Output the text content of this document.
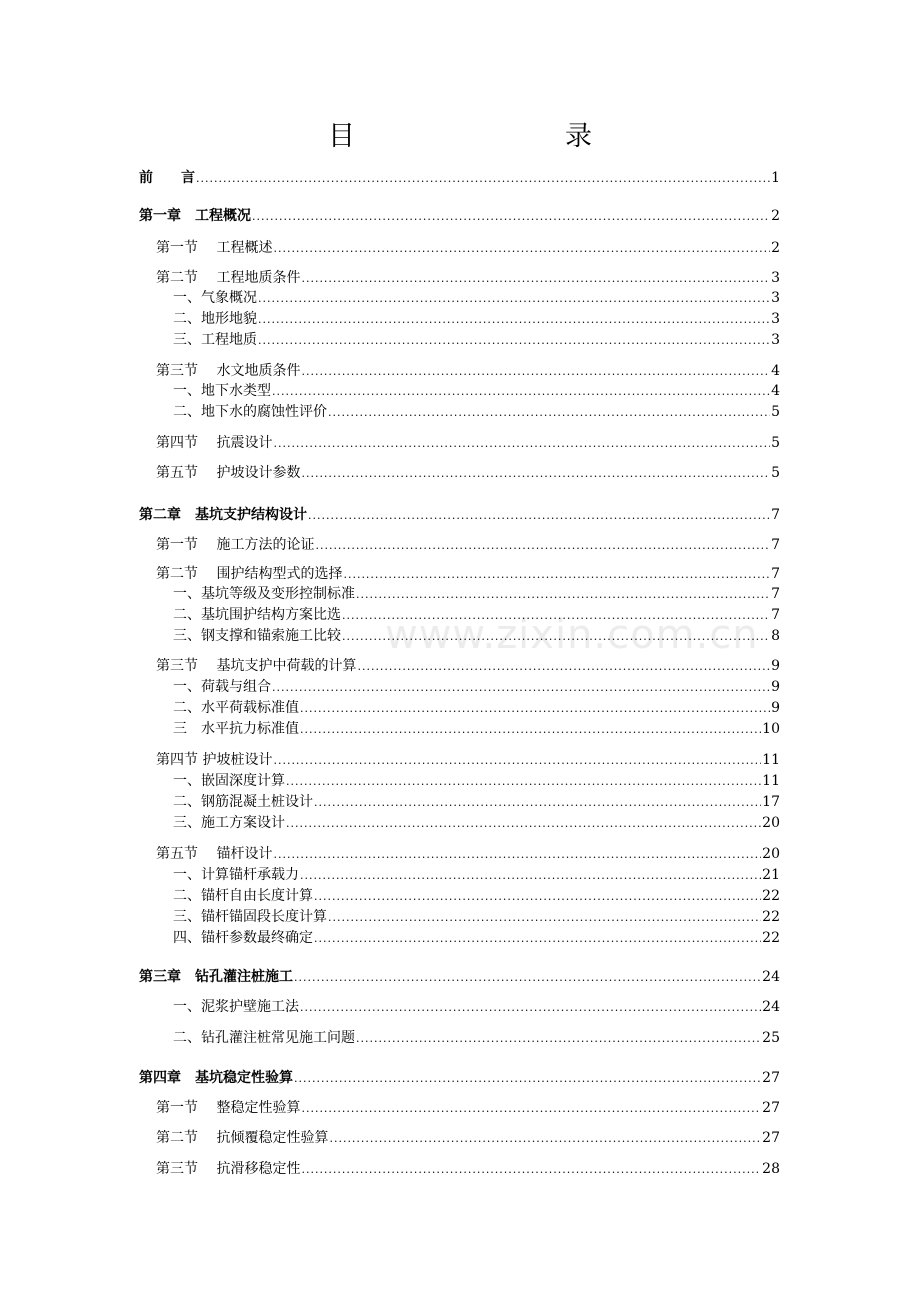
目　　录
www.zixin.com.cn
前　　言 .....	1
第一章　工程概况 .....	2
第一节　 工程概述 .....	2
第二节　 工程地质条件 .....	3
一、气象概况 .....	3
二、地形地貌 .....	3
三、工程地质 .....	3
第三节　 水文地质条件 .....	4
一、地下水类型 .....	4
二、地下水的腐蚀性评价 .....	5
第四节　 抗震设计 .....	5
第五节　 护坡设计参数 .....	5
第二章　基坑支护结构设计 .....	7
第一节　 施工方法的论证 .....	7
第二节　 围护结构型式的选择 .....	7
一、基坑等级及变形控制标准 .....	7
二、基坑围护结构方案比选 .....	7
三、钢支撑和锚索施工比较 .....	8
第三节　 基坑支护中荷载的计算 .....	9
一、荷载与组合 .....	9
二、水平荷载标准值 .....	9
三　水平抗力标准值 .....	10
第四节 护坡桩设计 .....	11
一、嵌固深度计算 .....	11
二、钢筋混凝土桩设计 .....	17
三、施工方案设计 .....	20
第五节　 锚杆设计 .....	20
一、计算锚杆承载力 .....	21
二、锚杆自由长度计算 .....	22
三、锚杆锚固段长度计算 .....	22
四、锚杆参数最终确定 .....	22
第三章　钻孔灌注桩施工 .....	24
一、泥浆护壁施工法 .....	24
二、钻孔灌注桩常见施工问题 .....	25
第四章　基坑稳定性验算 .....	27
第一节　 整稳定性验算 .....	27
第二节　 抗倾覆稳定性验算 .....	27
第三节　 抗滑移稳定性 .....	28
